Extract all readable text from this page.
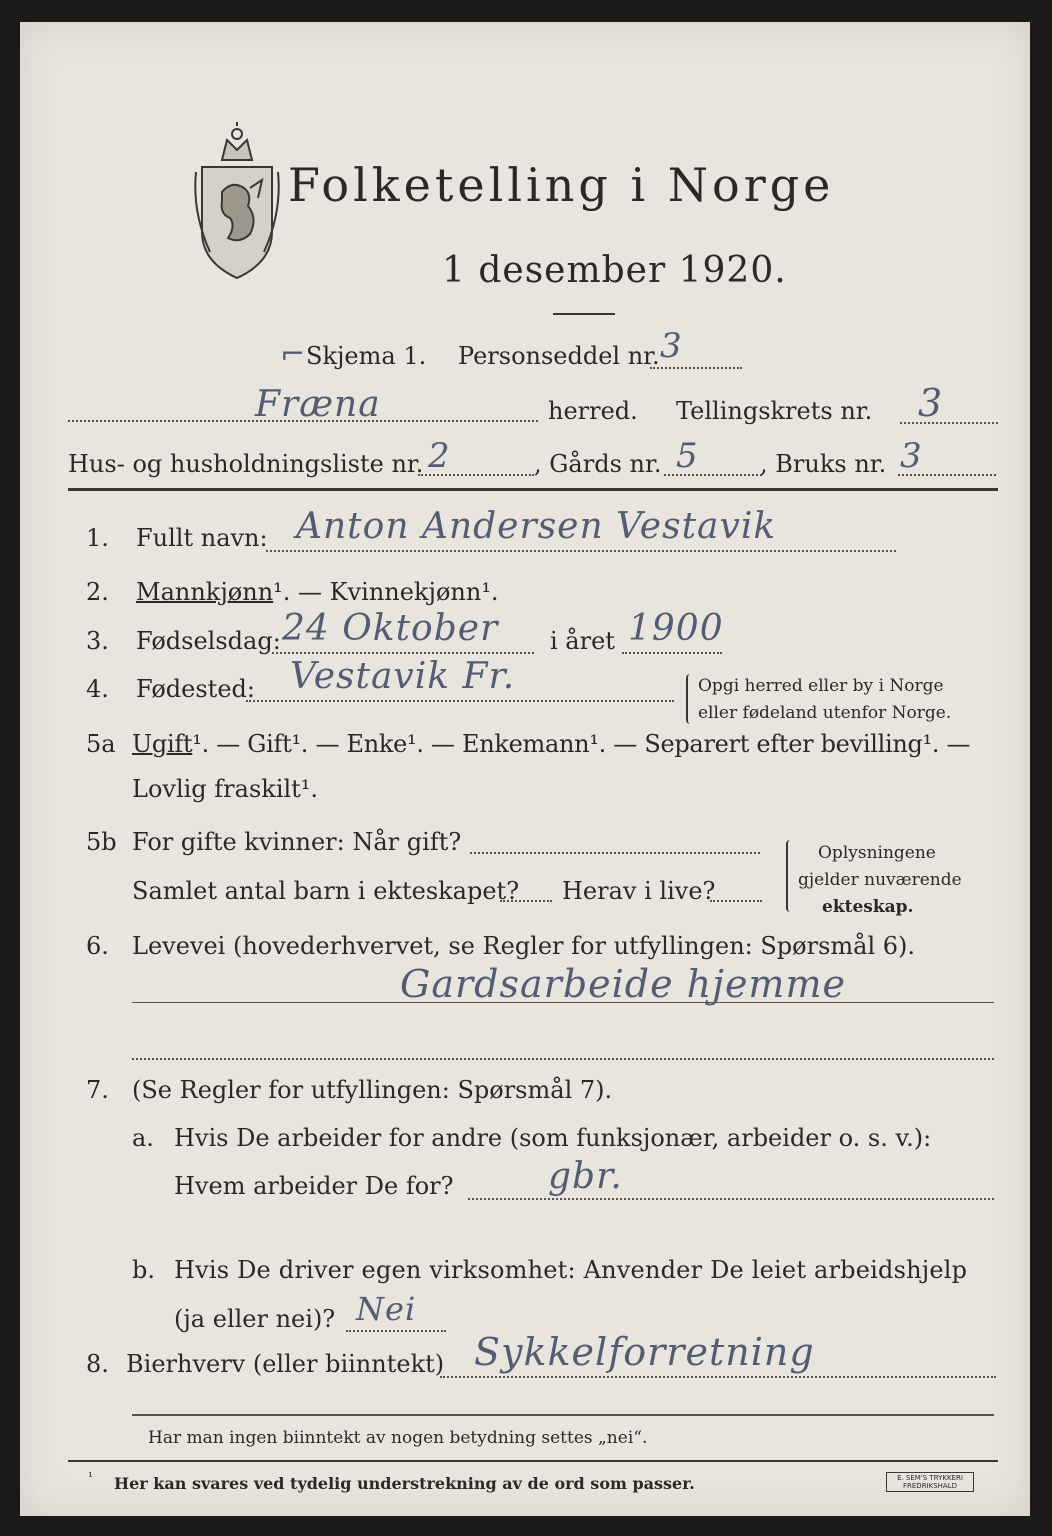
Folketelling i Norge
1 desember 1920.
⌐ Skjema 1. Personseddel nr. 3
Fræna	herred. Tellingskrets nr. 3
Hus- og husholdningsliste nr. 2	, Gårds nr. 5	, Bruks nr. 3
1. Fullt navn: Anton Andersen Vestavik
2. Mannkjønn¹. — Kvinnekjønn¹.
3. Fødselsdag: 24 Oktober i året 1900
4. Fødested: Vestavik Fr.	Opgi herred eller by i Norge
eller fødeland utenfor Norge.
5a Ugift¹. — Gift¹. — Enke¹. — Enkemann¹. — Separert efter bevilling¹. —
Lovlig fraskilt¹.
5b For gifte kvinner: Når gift?
Samlet antal barn i ekteskapet? Herav i live?
Oplysningene
gjelder nuværende
ekteskap.
6. Levevei (hovederhvervet, se Regler for utfyllingen: Spørsmål 6).
Gardsarbeide hjemme
7. (Se Regler for utfyllingen: Spørsmål 7).
a. Hvis De arbeider for andre (som funksjonær, arbeider o. s. v.):
Hvem arbeider De for?	gbr.
b. Hvis De driver egen virksomhet: Anvender De leiet arbeidshjelp
(ja eller nei)? Nei
8. Bierhverv (eller biinntekt) Sykkelforretning
Har man ingen biinntekt av nogen betydning settes „nei“.
¹ Her kan svares ved tydelig understrekning av de ord som passer.	E. SEM'S TRYKKERI FREDRIKSHALD
